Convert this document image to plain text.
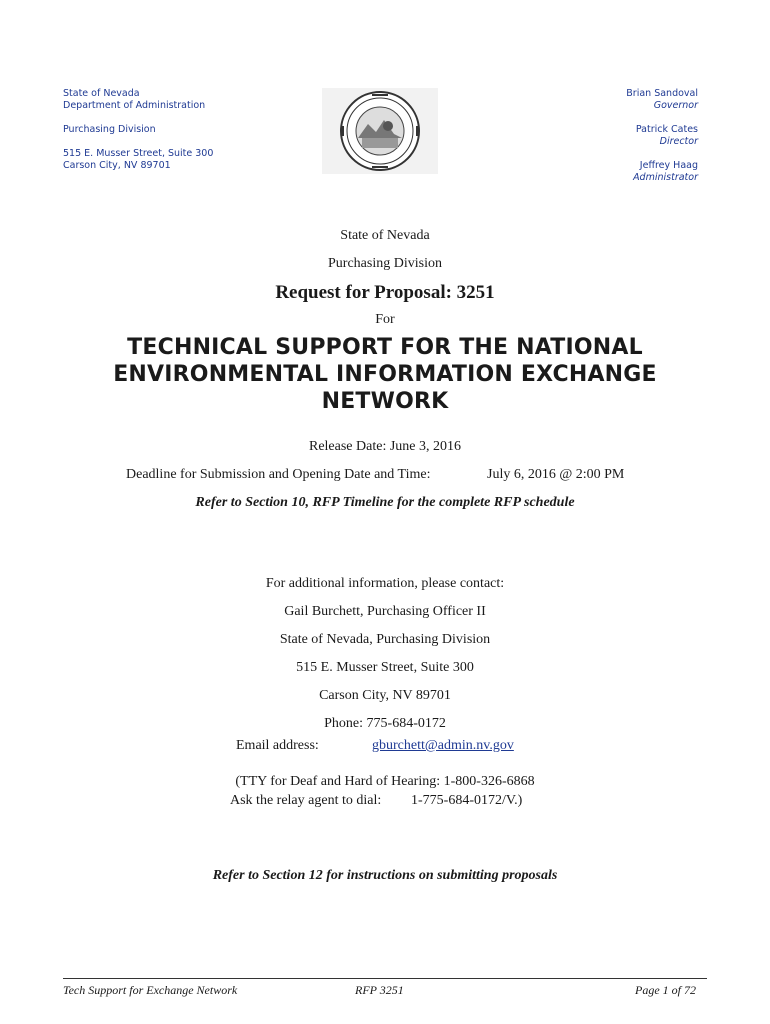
State of Nevada
Department of Administration
Purchasing Division
515 E. Musser Street, Suite 300
Carson City, NV 89701
Brian Sandoval
Governor
Patrick Cates
Director
Jeffrey Haag
Administrator
State of Nevada
Purchasing Division
Request for Proposal: 3251
For
TECHNICAL SUPPORT FOR THE NATIONAL
ENVIRONMENTAL INFORMATION EXCHANGE
NETWORK
Release Date: June 3, 2016
Deadline for Submission and Opening Date and Time:	July 6, 2016 @ 2:00 PM
Refer to Section 10, RFP Timeline for the complete RFP schedule
For additional information, please contact:
Gail Burchett, Purchasing Officer II
State of Nevada, Purchasing Division
515 E. Musser Street, Suite 300
Carson City, NV 89701
Phone: 775-684-0172
Email address:	gburchett@admin.nv.gov
(TTY for Deaf and Hard of Hearing: 1-800-326-6868
Ask the relay agent to dial: 1-775-684-0172/V.)
Refer to Section 12 for instructions on submitting proposals
Tech Support for Exchange Network	RFP 3251	Page 1 of 72
